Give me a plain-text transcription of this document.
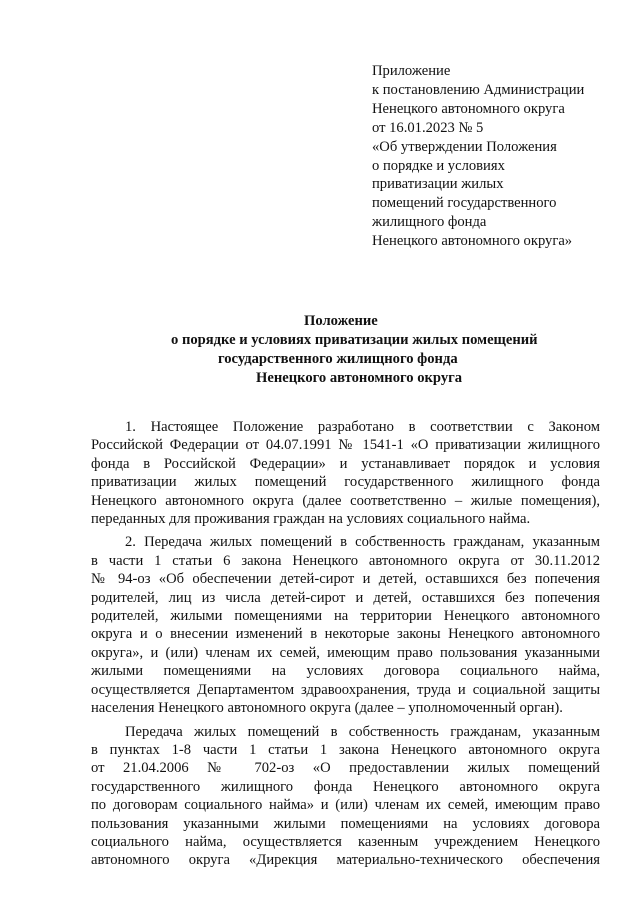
Приложение
к постановлению Администрации
Ненецкого автономного округа
от 16.01.2023 № 5
«Об утверждении Положения
о порядке и условиях
приватизации жилых
помещений государственного
жилищного фонда
Ненецкого автономного округа»
Положение
о порядке и условиях приватизации жилых помещений
государственного жилищного фонда
Ненецкого автономного округа
1. Настоящее Положение разработано в соответствии с Законом
Российской Федерации от 04.07.1991 № 1541-1 «О приватизации жилищного
фонда в Российской Федерации» и устанавливает порядок и условия
приватизации жилых помещений государственного жилищного фонда
Ненецкого автономного округа (далее соответственно – жилые помещения),
переданных для проживания граждан на условиях социального найма.
2. Передача жилых помещений в собственность гражданам, указанным
в части 1 статьи 6 закона Ненецкого автономного округа от 30.11.2012
№ 94-оз «Об обеспечении детей-сирот и детей, оставшихся без попечения
родителей, лиц из числа детей-сирот и детей, оставшихся без попечения
родителей, жилыми помещениями на территории Ненецкого автономного
округа и о внесении изменений в некоторые законы Ненецкого автономного
округа», и (или) членам их семей, имеющим право пользования указанными
жилыми помещениями на условиях договора социального найма,
осуществляется Департаментом здравоохранения, труда и социальной защиты
населения Ненецкого автономного округа (далее – уполномоченный орган).
Передача жилых помещений в собственность гражданам, указанным
в пунктах 1-8 части 1 статьи 1 закона Ненецкого автономного округа
от 21.04.2006 № 702-оз «О предоставлении жилых помещений
государственного жилищного фонда Ненецкого автономного округа
по договорам социального найма» и (или) членам их семей, имеющим право
пользования указанными жилыми помещениями на условиях договора
социального найма, осуществляется казенным учреждением Ненецкого
автономного округа «Дирекция материально-технического обеспечения
